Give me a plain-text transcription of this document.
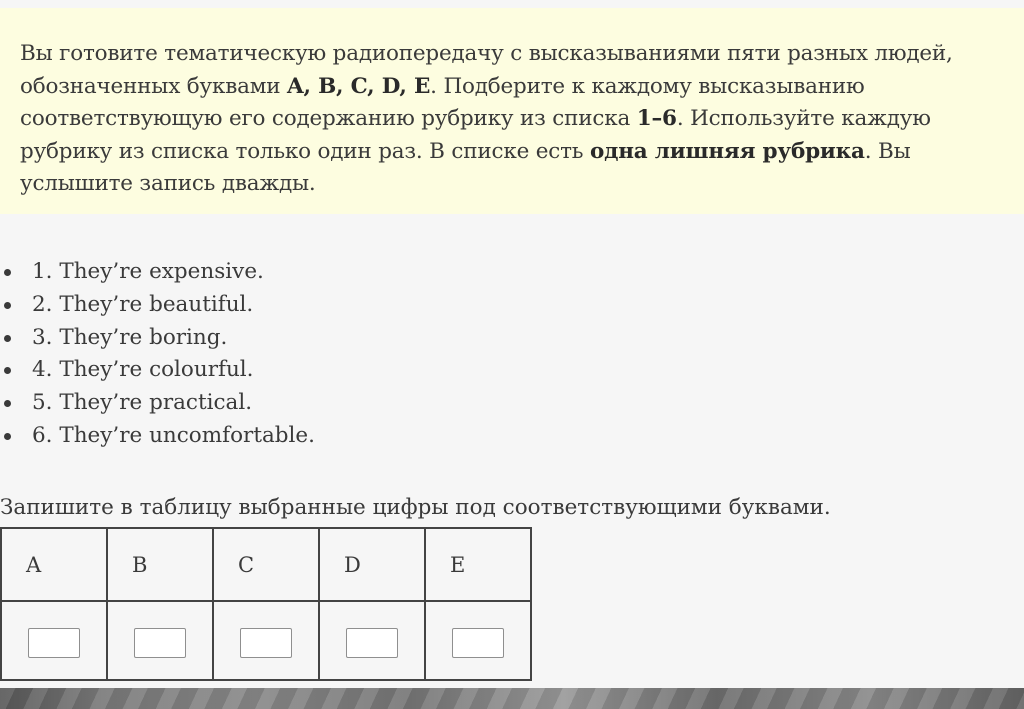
Вы готовите тематическую радиопередачу с высказываниями пяти разных людей, обозначенных буквами A, B, C, D, E. Подберите к каждому высказыванию соответствующую его содержанию рубрику из списка 1–6. Используйте каждую рубрику из списка только один раз. В списке есть одна лишняя рубрика. Вы услышите запись дважды.

1. They’re expensive.
2. They’re beautiful.
3. They’re boring.
4. They’re colourful.
5. They’re practical.
6. They’re uncomfortable.

Запишите в таблицу выбранные цифры под соответствующими буквами.

A	B	C	D	E
